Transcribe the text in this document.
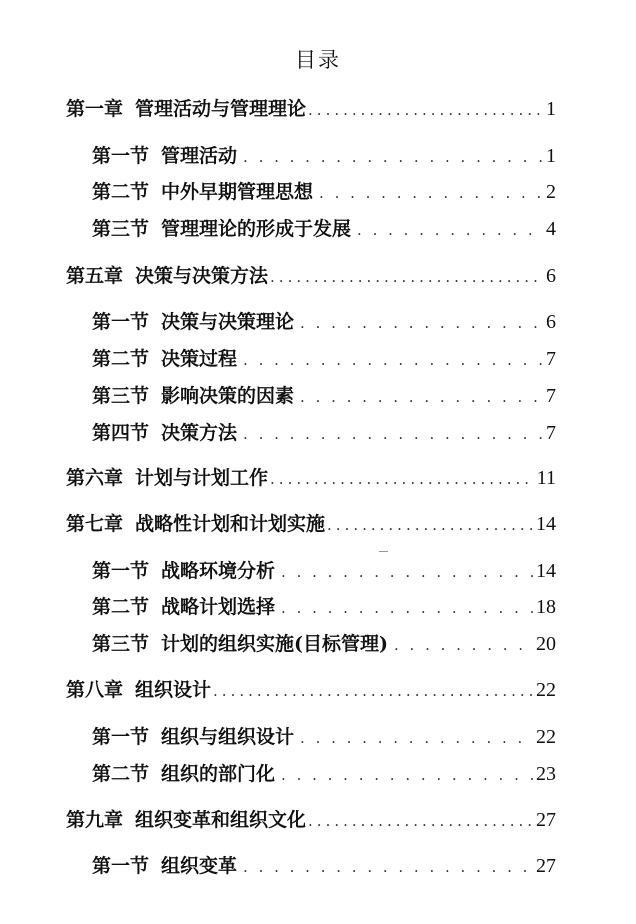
目录
第一章 管理活动与管理理论 .....	1
第一节 管理活动 . . .	1
第二节 中外早期管理思想 . . .	2
第三节 管理理论的形成于发展 . . .	4
第五章 决策与决策方法 .....	6
第一节 决策与决策理论 . . .	6
第二节 决策过程 . . .	7
第三节 影响决策的因素 . . .	7
第四节 决策方法 . . .	7
第六章 计划与计划工作 .....	11
第七章 战略性计划和计划实施 .....	14
第一节 战略环境分析 . . .	14
第二节 战略计划选择 . . .	18
第三节 计划的组织实施(目标管理) . . .	20
第八章 组织设计 .....	22
第一节 组织与组织设计 . . .	22
第二节 组织的部门化 . . .	23
第九章 组织变革和组织文化 .....	27
第一节 组织变革 . . .	27
